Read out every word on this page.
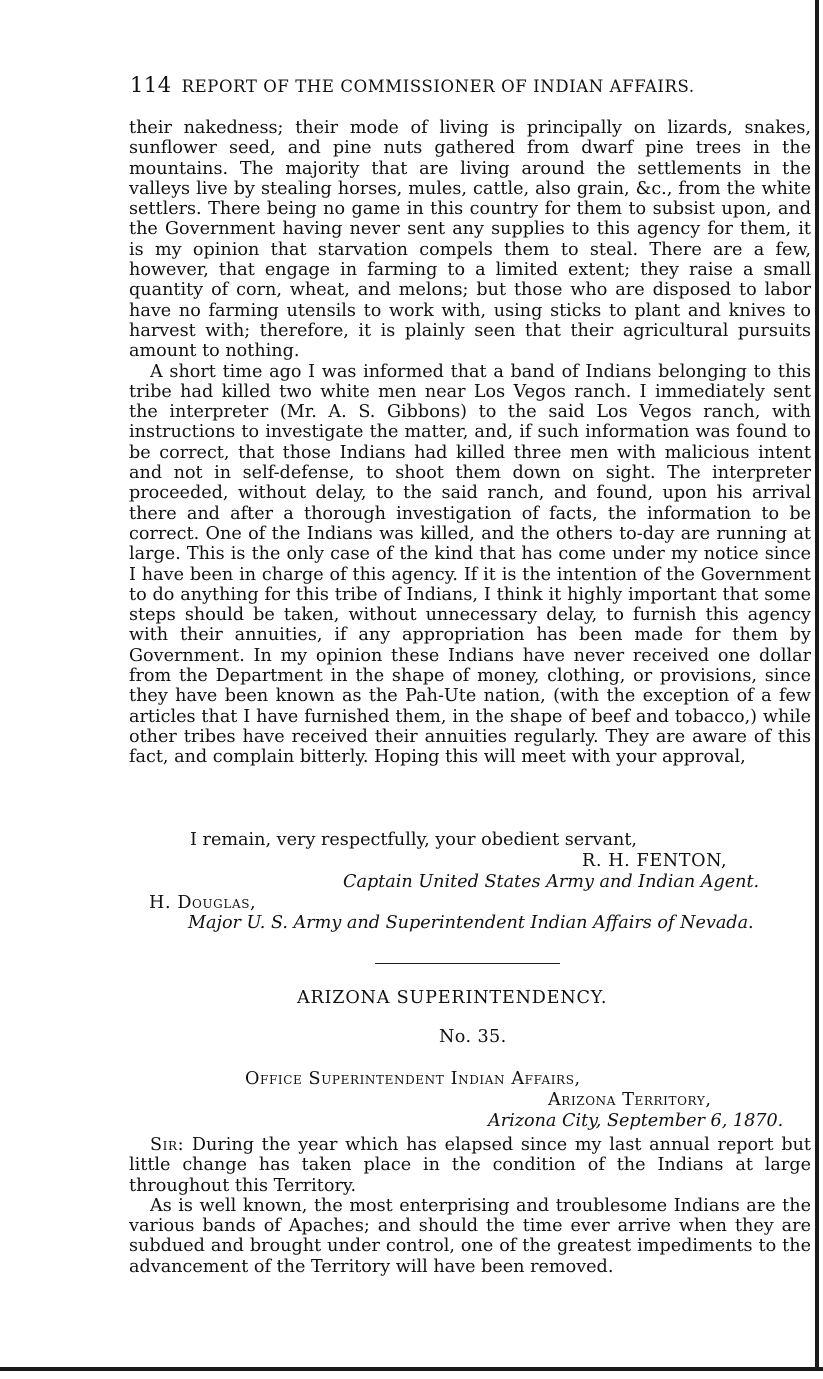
114 REPORT OF THE COMMISSIONER OF INDIAN AFFAIRS.

their nakedness; their mode of living is principally on lizards, snakes, sunflower seed, and pine nuts gathered from dwarf pine trees in the mountains. The majority that are living around the settlements in the valleys live by stealing horses, mules, cattle, also grain, &c., from the white settlers. There being no game in this country for them to subsist upon, and the Government having never sent any supplies to this agency for them, it is my opinion that starvation compels them to steal. There are a few, however, that engage in farming to a limited extent; they raise a small quantity of corn, wheat, and melons; but those who are disposed to labor have no farming utensils to work with, using sticks to plant and knives to harvest with; therefore, it is plainly seen that their agricultural pursuits amount to nothing.

A short time ago I was informed that a band of Indians belonging to this tribe had killed two white men near Los Vegos ranch. I immediately sent the interpreter (Mr. A. S. Gibbons) to the said Los Vegos ranch, with instructions to investigate the matter, and, if such information was found to be correct, that those Indians had killed three men with malicious intent and not in self-defense, to shoot them down on sight. The interpreter proceeded, without delay, to the said ranch, and found, upon his arrival there and after a thorough investigation of facts, the information to be correct. One of the Indians was killed, and the others to-day are running at large. This is the only case of the kind that has come under my notice since I have been in charge of this agency. If it is the intention of the Government to do anything for this tribe of Indians, I think it highly important that some steps should be taken, without unnecessary delay, to furnish this agency with their annuities, if any appropriation has been made for them by Government. In my opinion these Indians have never received one dollar from the Department in the shape of money, clothing, or provisions, since they have been known as the Pah-Ute nation, (with the exception of a few articles that I have furnished them, in the shape of beef and tobacco,) while other tribes have received their annuities regularly. They are aware of this fact, and complain bitterly. Hoping this will meet with your approval,

I remain, very respectfully, your obedient servant,
R. H. FENTON,
Captain United States Army and Indian Agent.
H. Douglas,
Major U. S. Army and Superintendent Indian Affairs of Nevada.
ARIZONA SUPERINTENDENCY.
No. 35.
Office Superintendent Indian Affairs,
Arizona Territory,
Arizona City, September 6, 1870.

Sir: During the year which has elapsed since my last annual report but little change has taken place in the condition of the Indians at large throughout this Territory.

As is well known, the most enterprising and troublesome Indians are the various bands of Apaches; and should the time ever arrive when they are subdued and brought under control, one of the greatest impediments to the advancement of the Territory will have been removed.
